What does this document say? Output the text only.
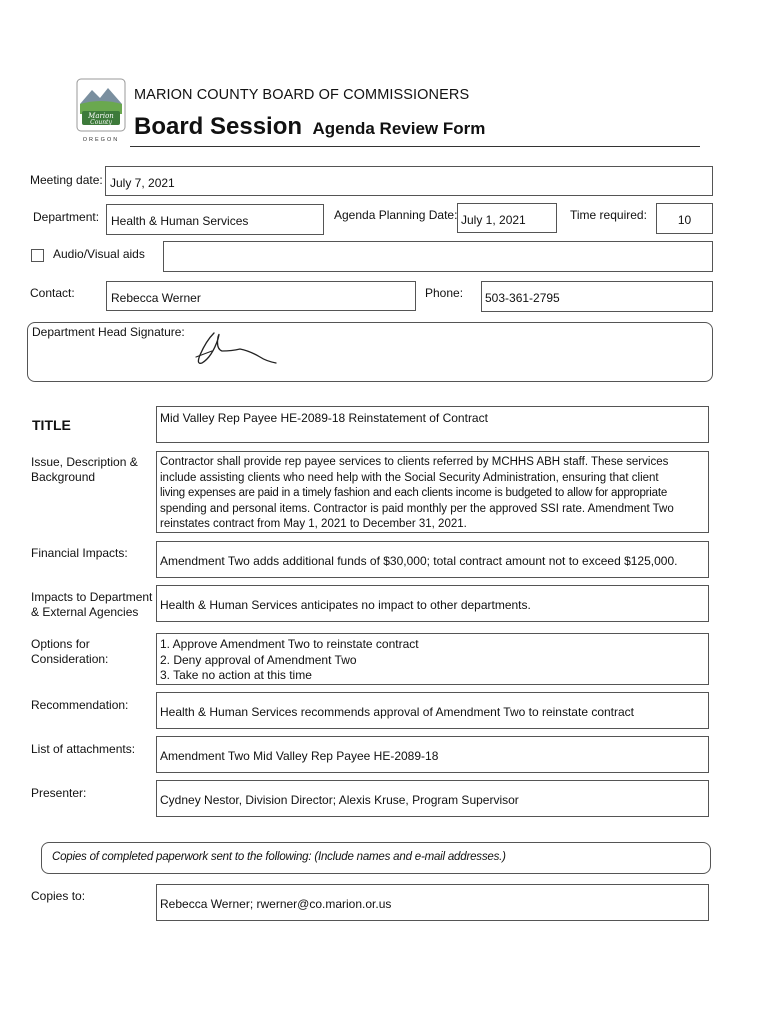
Marion
County
OREGON
MARION COUNTY BOARD OF COMMISSIONERS
Board Session Agenda Review Form
Meeting date: July 7, 2021
Department: Health & Human Services	Agenda Planning Date: July 1, 2021	Time required:	10
Audio/Visual aids
Contact:	Rebecca Werner	Phone: 503-361-2795
Department Head Signature:
TITLE	Mid Valley Rep Payee HE-2089-18 Reinstatement of Contract
Issue, Description &
Background
Contractor shall provide rep payee services to clients referred by MCHHS ABH staff. These services
include assisting clients who need help with the Social Security Administration, ensuring that client
living expenses are paid in a timely fashion and each clients income is budgeted to allow for appropriate
spending and personal items. Contractor is paid monthly per the approved SSI rate. Amendment Two
reinstates contract from May 1, 2021 to December 31, 2021.
Financial Impacts:
Amendment Two adds additional funds of $30,000; total contract amount not to exceed $125,000.
Impacts to Department
& External Agencies	Health & Human Services anticipates no impact to other departments.
Options for
Consideration:
1. Approve Amendment Two to reinstate contract
2. Deny approval of Amendment Two
3. Take no action at this time
Recommendation:	Health & Human Services recommends approval of Amendment Two to reinstate contract
List of attachments: Amendment Two Mid Valley Rep Payee HE-2089-18
Presenter:	Cydney Nestor, Division Director; Alexis Kruse, Program Supervisor
Copies of completed paperwork sent to the following: (Include names and e-mail addresses.)
Copies to:
Rebecca Werner; rwerner@co.marion.or.us
